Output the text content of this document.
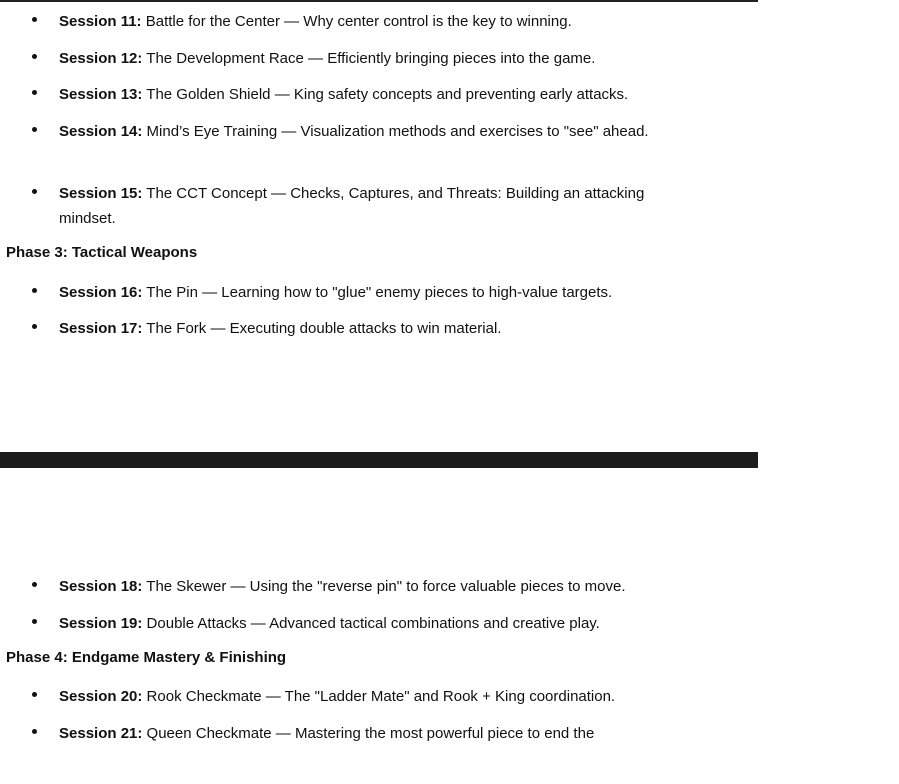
Session 11: Battle for the Center — Why center control is the key to winning.
Session 12: The Development Race — Efficiently bringing pieces into the game.
Session 13: The Golden Shield — King safety concepts and preventing early attacks.
Session 14: Mind’s Eye Training — Visualization methods and exercises to "see" ahead.
Session 15: The CCT Concept — Checks, Captures, and Threats: Building an attacking mindset.
Phase 3: Tactical Weapons
Session 16: The Pin — Learning how to "glue" enemy pieces to high-value targets.
Session 17: The Fork — Executing double attacks to win material.
Session 18: The Skewer — Using the "reverse pin" to force valuable pieces to move.
Session 19: Double Attacks — Advanced tactical combinations and creative play.
Phase 4: Endgame Mastery & Finishing
Session 20: Rook Checkmate — The "Ladder Mate" and Rook + King coordination.
Session 21: Queen Checkmate — Mastering the most powerful piece to end the
